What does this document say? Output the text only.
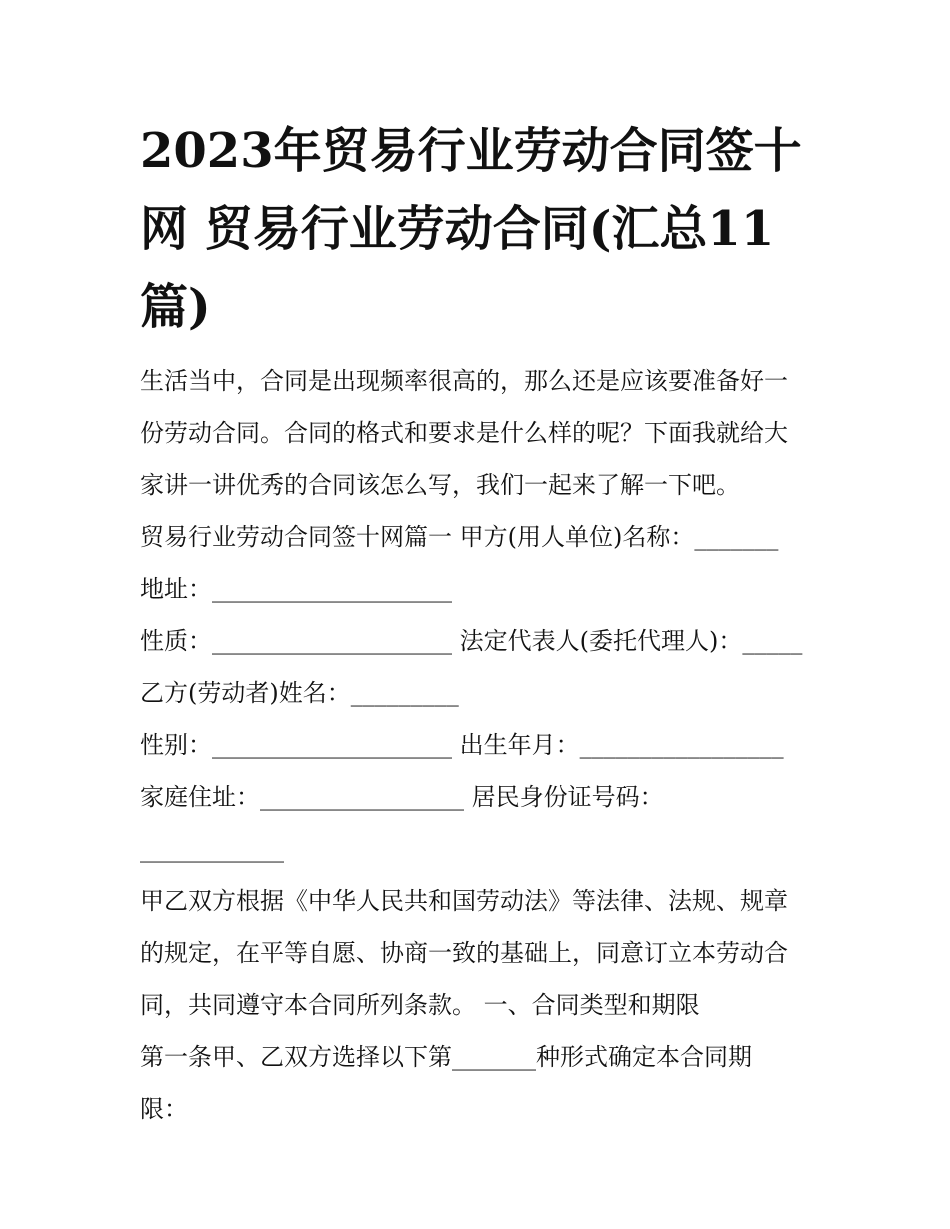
2023年贸易行业劳动合同签十
网 贸易行业劳动合同(汇总11
篇)
生活当中，合同是出现频率很高的，那么还是应该要准备好一
份劳动合同。合同的格式和要求是什么样的呢？下面我就给大
家讲一讲优秀的合同该怎么写，我们一起来了解一下吧。
贸易行业劳动合同签十网篇一 甲方(用人单位)名称：_______
地址：____________________
性质：____________________ 法定代表人(委托代理人)：_____
乙方(劳动者)姓名：_________
性别：____________________ 出生年月：_________________
家庭住址：_________________ 居民身份证号码：
____________
甲乙双方根据《中华人民共和国劳动法》等法律、法规、规章
的规定，在平等自愿、协商一致的基础上，同意订立本劳动合
同，共同遵守本合同所列条款。 一、合同类型和期限
第一条甲、乙双方选择以下第_______种形式确定本合同期
限：
